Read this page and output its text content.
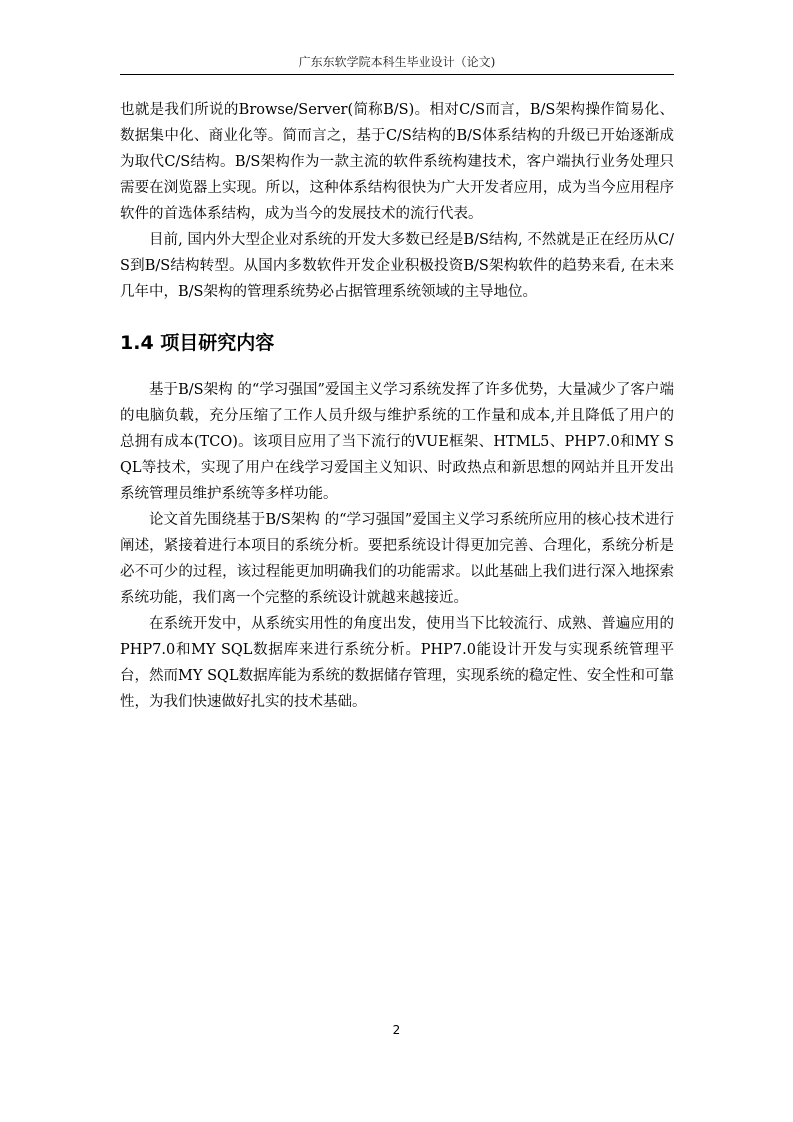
广东东软学院本科生毕业设计（论文)

也就是我们所说的Browse/Server(简称B/S)。相对C/S而言，B/S架构操作简易化、数据集中化、商业化等。简而言之，基于C/S结构的B/S体系结构的升级已开始逐渐成为取代C/S结构。B/S架构作为一款主流的软件系统构建技术，客户端执行业务处理只需要在浏览器上实现。所以，这种体系结构很快为广大开发者应用，成为当今应用程序软件的首选体系结构，成为当今的发展技术的流行代表。

目前, 国内外大型企业对系统的开发大多数已经是B/S结构, 不然就是正在经历从C/S到B/S结构转型。从国内多数软件开发企业积极投资B/S架构软件的趋势来看, 在未来几年中，B/S架构的管理系统势必占据管理系统领域的主导地位。

1.4 项目研究内容

基于B/S架构 的“学习强国”爱国主义学习系统发挥了许多优势，大量减少了客户端的电脑负载，充分压缩了工作人员升级与维护系统的工作量和成本,并且降低了用户的总拥有成本(TCO)。该项目应用了当下流行的VUE框架、HTML5、PHP7.0和MY SQL等技术，实现了用户在线学习爱国主义知识、时政热点和新思想的网站并且开发出系统管理员维护系统等多样功能。

论文首先围绕基于B/S架构 的“学习强国”爱国主义学习系统所应用的核心技术进行阐述，紧接着进行本项目的系统分析。要把系统设计得更加完善、合理化，系统分析是必不可少的过程，该过程能更加明确我们的功能需求。以此基础上我们进行深入地探索系统功能，我们离一个完整的系统设计就越来越接近。

在系统开发中，从系统实用性的角度出发，使用当下比较流行、成熟、普遍应用的PHP7.0和MY SQL数据库来进行系统分析。PHP7.0能设计开发与实现系统管理平台，然而MY SQL数据库能为系统的数据储存管理，实现系统的稳定性、安全性和可靠性，为我们快速做好扎实的技术基础。

2
